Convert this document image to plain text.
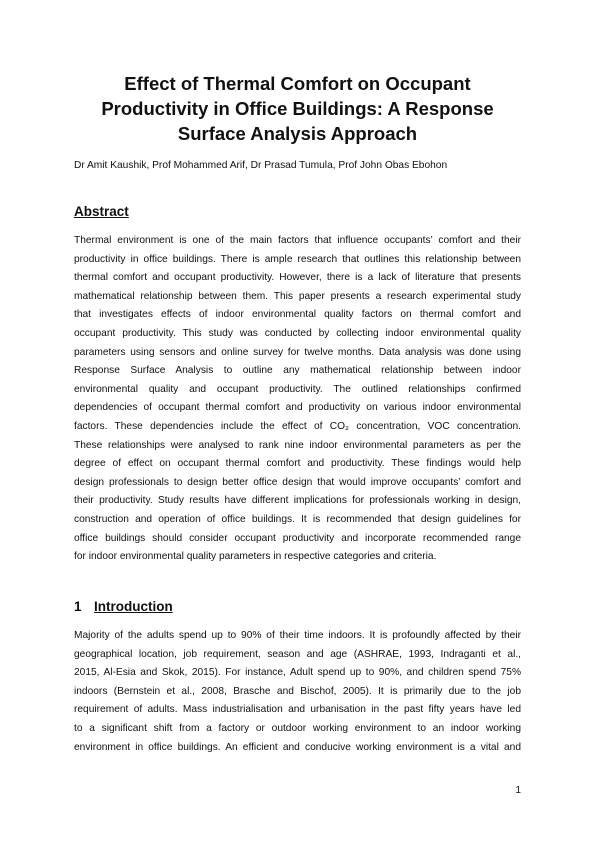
Effect of Thermal Comfort on Occupant
Productivity in Office Buildings: A Response
Surface Analysis Approach

Dr Amit Kaushik, Prof Mohammed Arif, Dr Prasad Tumula, Prof John Obas Ebohon

Abstract
Thermal environment is one of the main factors that influence occupants’ comfort and their
productivity in office buildings. There is ample research that outlines this relationship between
thermal comfort and occupant productivity. However, there is a lack of literature that presents
mathematical relationship between them. This paper presents a research experimental study
that investigates effects of indoor environmental quality factors on thermal comfort and
occupant productivity. This study was conducted by collecting indoor environmental quality
parameters using sensors and online survey for twelve months. Data analysis was done using
Response Surface Analysis to outline any mathematical relationship between indoor
environmental quality and occupant productivity. The outlined relationships confirmed
dependencies of occupant thermal comfort and productivity on various indoor environmental
factors. These dependencies include the effect of CO₂ concentration, VOC concentration.
These relationships were analysed to rank nine indoor environmental parameters as per the
degree of effect on occupant thermal comfort and productivity. These findings would help
design professionals to design better office design that would improve occupants’ comfort and
their productivity. Study results have different implications for professionals working in design,
construction and operation of office buildings. It is recommended that design guidelines for
office buildings should consider occupant productivity and incorporate recommended range
for indoor environmental quality parameters in respective categories and criteria.
1 Introduction
Majority of the adults spend up to 90% of their time indoors. It is profoundly affected by their
geographical location, job requirement, season and age (ASHRAE, 1993, Indraganti et al.,
2015, Al-Esia and Skok, 2015). For instance, Adult spend up to 90%, and children spend 75%
indoors (Bernstein et al., 2008, Brasche and Bischof, 2005). It is primarily due to the job
requirement of adults. Mass industrialisation and urbanisation in the past fifty years have led
to a significant shift from a factory or outdoor working environment to an indoor working
environment in office buildings. An efficient and conducive working environment is a vital and

1
